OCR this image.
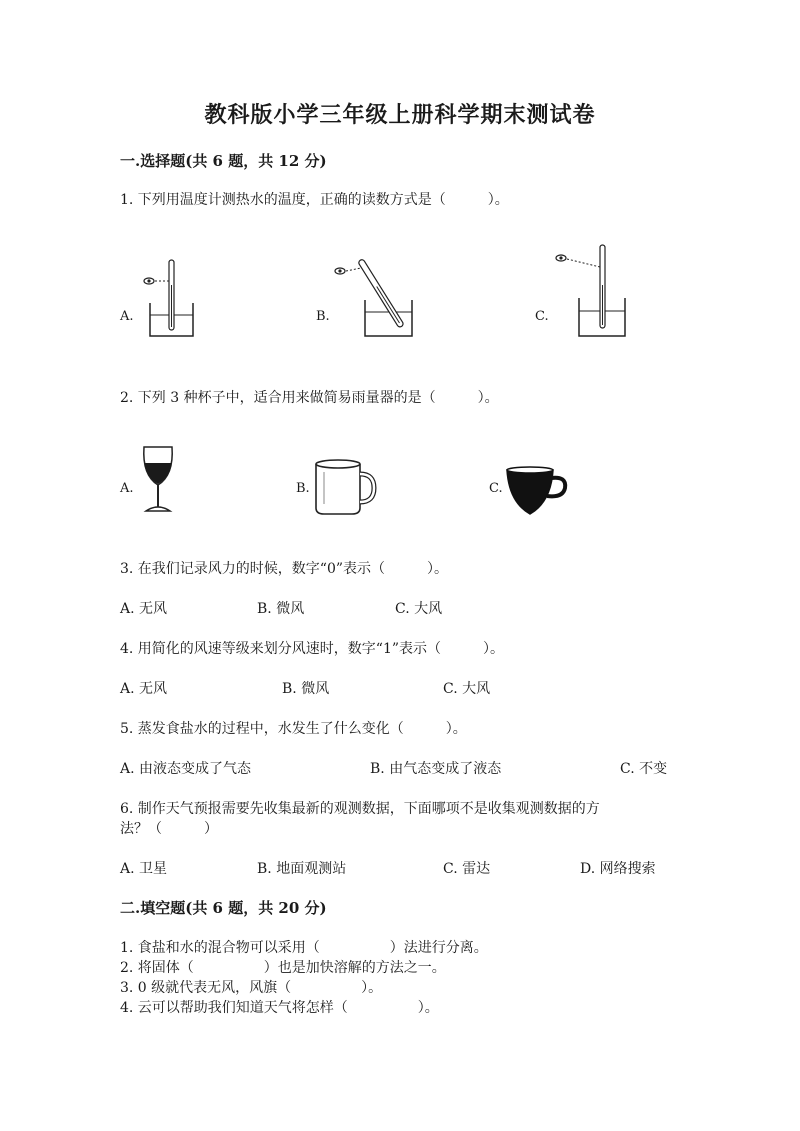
教科版小学三年级上册科学期末测试卷
一.选择题(共 6 题，共 12 分)
1. 下列用温度计测热水的温度，正确的读数方式是（　　　）。
A.	B.	C.
2. 下列 3 种杯子中，适合用来做简易雨量器的是（　　　）。
A.	B.	C.
3. 在我们记录风力的时候，数字“0”表示（　　　）。
A. 无风	B. 微风	C. 大风
4. 用简化的风速等级来划分风速时，数字“1”表示（　　　）。
A. 无风	B. 微风	C. 大风
5. 蒸发食盐水的过程中，水发生了什么变化（　　　）。
A. 由液态变成了气态	B. 由气态变成了液态	C. 不变
6. 制作天气预报需要先收集最新的观测数据，下面哪项不是收集观测数据的方
法？（　　　）
A. 卫星	B. 地面观测站	C. 雷达	D. 网络搜索
二.填空题(共 6 题，共 20 分)
1. 食盐和水的混合物可以采用（　　　　　）法进行分离。
2. 将固体（　　　　　）也是加快溶解的方法之一。
3. 0 级就代表无风，风旗（　　　　　）。
4. 云可以帮助我们知道天气将怎样（　　　　　）。
